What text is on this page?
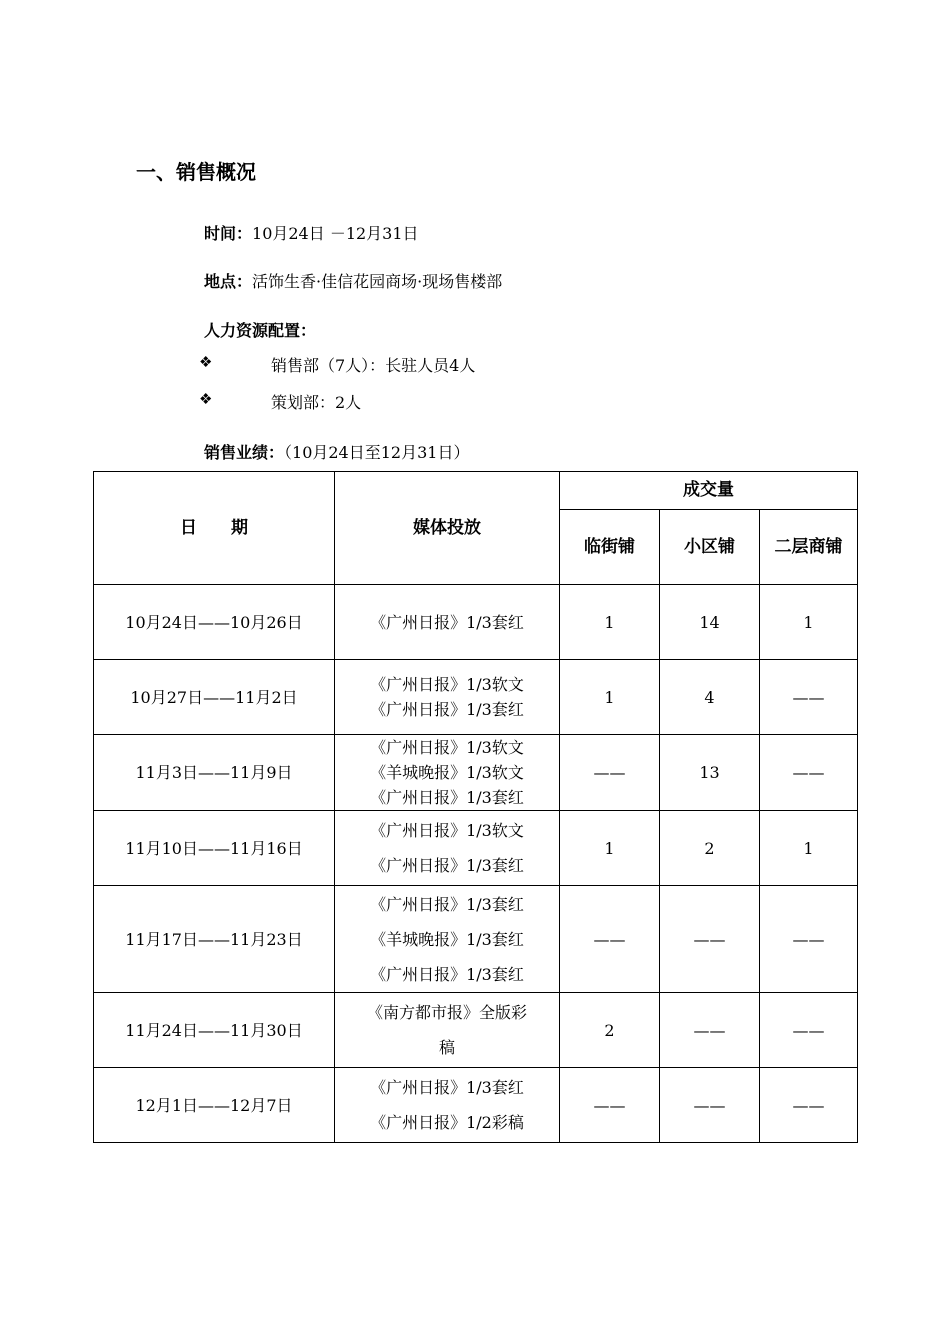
一、销售概况
时间：10月24日 －12月31日
地点：活饰生香·佳信花园商场·现场售楼部
人力资源配置：
❖	销售部（7人）：长驻人员4人
❖	策划部：2人
销售业绩：（10月24日至12月31日）
日　　期	媒体投放	成交量		
		临街铺	小区铺	二层商铺
10月24日——10月26日	《广州日报》1/3套红	1	14	1
10月27日——11月2日	《广州日报》1/3软文
《广州日报》1/3套红	1	4	——
11月3日——11月9日	《广州日报》1/3软文
《羊城晚报》1/3软文
《广州日报》1/3套红	——	13	——
11月10日——11月16日	《广州日报》1/3软文
《广州日报》1/3套红	1	2	1
11月17日——11月23日	《广州日报》1/3套红
《羊城晚报》1/3套红
《广州日报》1/3套红	——	——	——
11月24日——11月30日	《南方都市报》全版彩
稿	2	——	——
12月1日——12月7日	《广州日报》1/3套红
《广州日报》1/2彩稿	——	——	——
